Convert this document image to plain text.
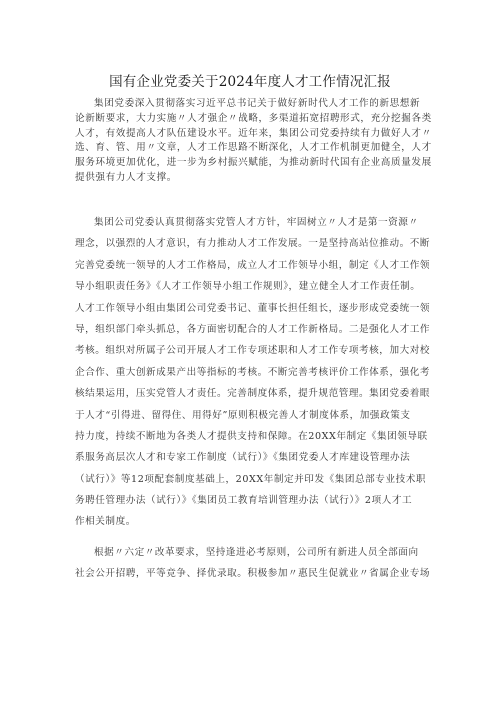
国有企业党委关于2024年度人才工作情况汇报
集团党委深入贯彻落实习近平总书记关于做好新时代人才工作的新思想新
论新断要求，大力实施〃人才强企〃战略，多渠道拓宽招聘形式，充分挖掘各类
人才，有效提高人才队伍建设水平。近年来，集团公司党委持续有力做好人才〃
选、育、管、用〃文章，人才工作思路不断深化，人才工作机制更加健全，人才
服务环境更加优化，进一步为乡村振兴赋能，为推动新时代国有企业高质量发展
提供强有力人才支撑。
集团公司党委认真贯彻落实党管人才方针，牢固树立〃人才是第一资源〃
理念，以强烈的人才意识，有力推动人才工作发展。一是坚持高站位推动。不断
完善党委统一领导的人才工作格局，成立人才工作领导小组，制定《人才工作领
导小组职责任务》《人才工作领导小组工作规则》，建立健全人才工作责任制。
人才工作领导小组由集团公司党委书记、董事长担任组长，逐步形成党委统一领
导，组织部门牵头抓总，各方面密切配合的人才工作新格局。二是强化人才工作
考核。组织对所属子公司开展人才工作专项述职和人才工作专项考核，加大对校
企合作、重大创新成果产出等指标的考核。不断完善考核评价工作体系，强化考
核结果运用，压实党管人才责任。完善制度体系，提升规范管理。集团党委着眼
于人才“引得进、留得住、用得好”原则积极完善人才制度体系，加强政策支
持力度，持续不断地为各类人才提供支持和保障。在20XX年制定《集团领导联
系服务高层次人才和专家工作制度（试行）》《集团党委人才库建设管理办法
（试行）》等12项配套制度基础上，20XX年制定并印发《集团总部专业技术职
务聘任管理办法（试行）》《集团员工教育培训管理办法（试行）》2项人才工
作相关制度。
根据〃六定〃改革要求，坚持逢进必考原则，公司所有新进人员全部面向
社会公开招聘，平等竞争、择优录取。积极参加〃惠民生促就业〃省属企业专场
